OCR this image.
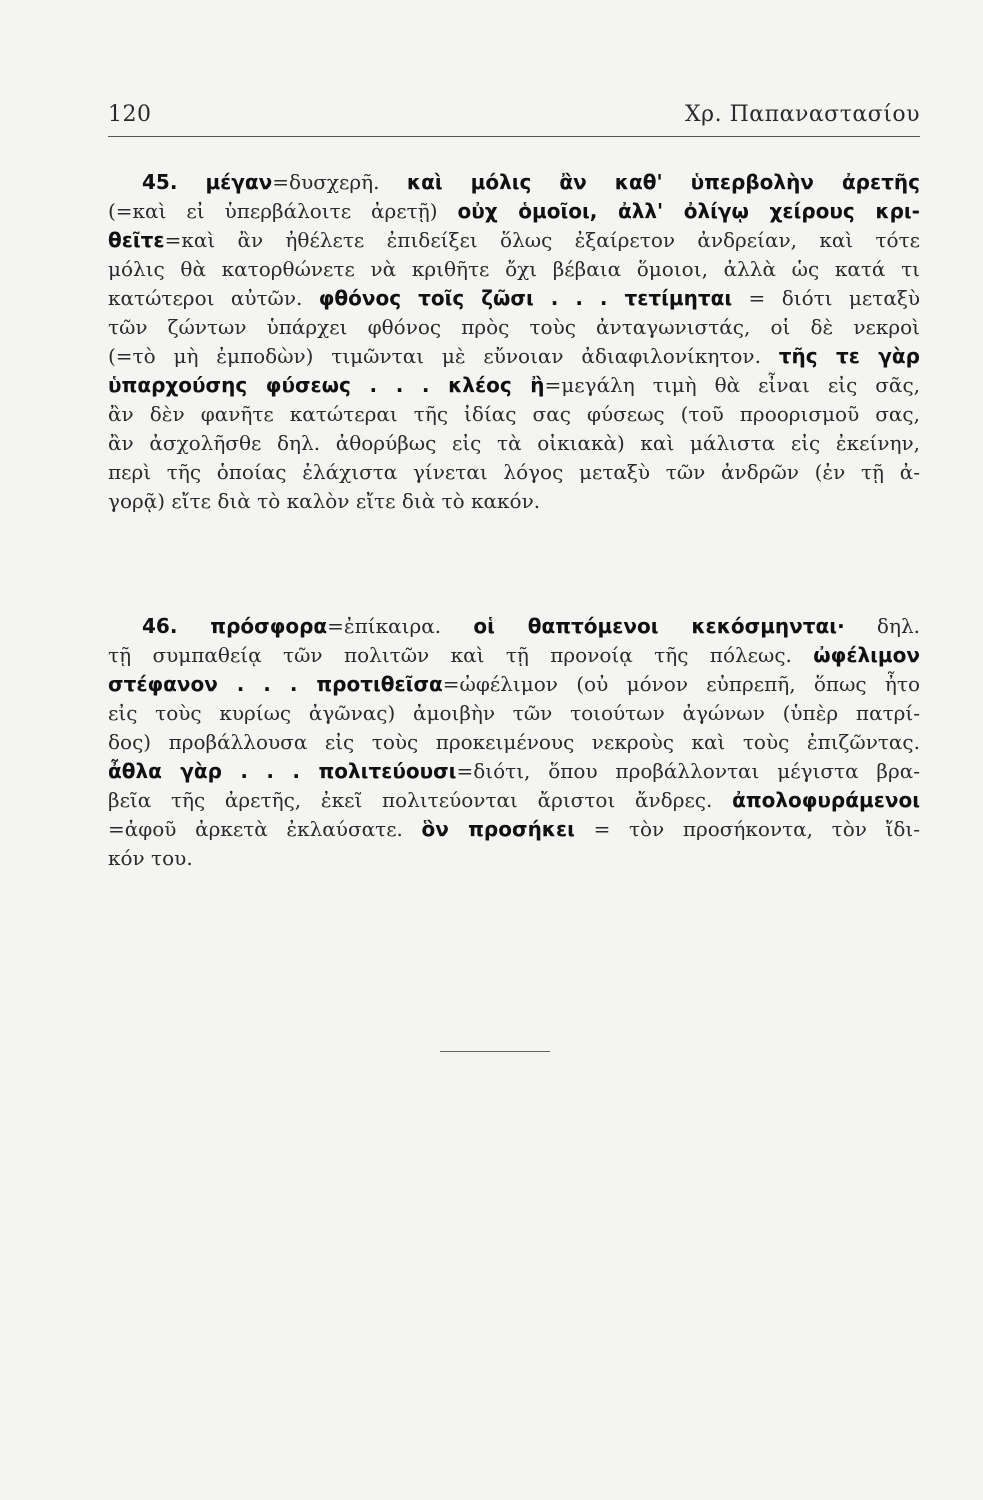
120	Χρ. Παπαναστασίου
45. μέγαν=δυσχερῆ. καὶ μόλις ἂν καθ' ὑπερβολὴν ἀρετῆς
(=καὶ εἰ ὑπερβάλοιτε ἀρετῇ) οὐχ ὁμοῖοι, ἀλλ' ὀλίγῳ χείρους κρι-
θεῖτε=καὶ ἂν ἠθέλετε ἐπιδείξει ὅλως ἐξαίρετον ἀνδρείαν, καὶ τότε
μόλις θὰ κατορθώνετε νὰ κριθῆτε ὄχι βέβαια ὅμοιοι, ἀλλὰ ὡς κατά τι
κατώτεροι αὐτῶν. φθόνος τοῖς ζῶσι . . . τετίμηται = διότι μεταξὺ
τῶν ζώντων ὑπάρχει φθόνος πρὸς τοὺς ἀνταγωνιστάς, οἱ δὲ νεκροὶ
(=τὸ μὴ ἐμποδὼν) τιμῶνται μὲ εὔνοιαν ἀδιαφιλονίκητον. τῆς τε γὰρ
ὑπαρχούσης φύσεως . . . κλέος ἢ=μεγάλη τιμὴ θὰ εἶναι εἰς σᾶς,
ἂν δὲν φανῆτε κατώτεραι τῆς ἰδίας σας φύσεως (τοῦ προορισμοῦ σας,
ἂν ἀσχολῆσθε δηλ. ἀθορύβως εἰς τὰ οἰκιακὰ) καὶ μάλιστα εἰς ἐκείνην,
περὶ τῆς ὁποίας ἐλάχιστα γίνεται λόγος μεταξὺ τῶν ἀνδρῶν (ἐν τῇ ἀ-
γορᾷ) εἴτε διὰ τὸ καλὸν εἴτε διὰ τὸ κακόν.
46. πρόσφορα=ἐπίκαιρα. οἱ θαπτόμενοι κεκόσμηνται· δηλ.
τῇ συμπαθείᾳ τῶν πολιτῶν καὶ τῇ προνοίᾳ τῆς πόλεως. ὠφέλιμον
στέφανον . . . προτιθεῖσα=ὠφέλιμον (οὐ μόνον εὐπρεπῆ, ὅπως ἦτο
εἰς τοὺς κυρίως ἀγῶνας) ἀμοιβὴν τῶν τοιούτων ἀγώνων (ὑπὲρ πατρί-
δος) προβάλλουσα εἰς τοὺς προκειμένους νεκροὺς καὶ τοὺς ἐπιζῶντας.
ἆθλα γὰρ . . . πολιτεύουσι=διότι, ὅπου προβάλλονται μέγιστα βρα-
βεῖα τῆς ἀρετῆς, ἐκεῖ πολιτεύονται ἄριστοι ἄνδρες. ἀπολοφυράμενοι
=ἀφοῦ ἀρκετὰ ἐκλαύσατε. ὃν προσήκει = τὸν προσήκοντα, τὸν ἴδι-
κόν του.
